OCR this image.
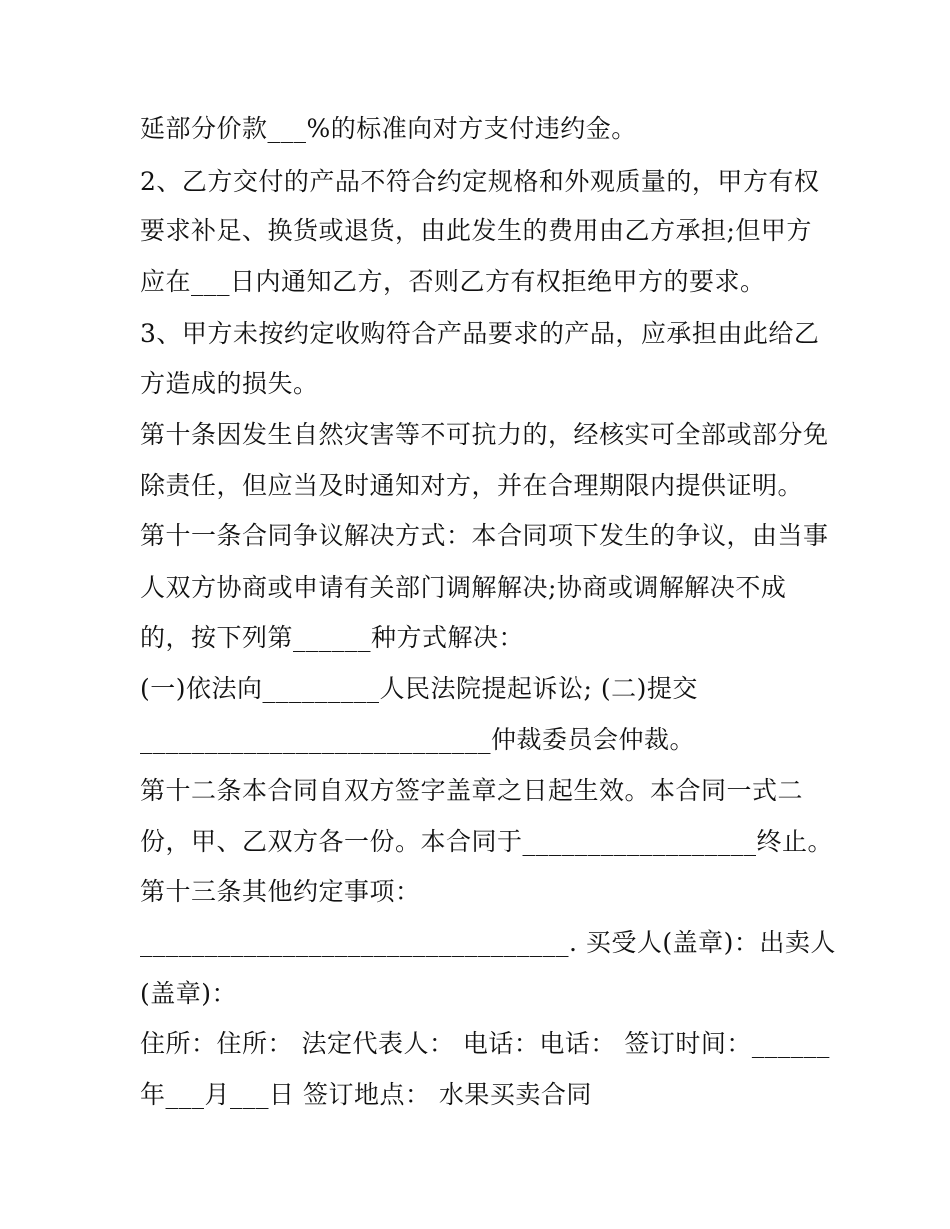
延部分价款___%的标准向对方支付违约金。
2、乙方交付的产品不符合约定规格和外观质量的，甲方有权
要求补足、换货或退货，由此发生的费用由乙方承担;但甲方
应在___日内通知乙方，否则乙方有权拒绝甲方的要求。
3、甲方未按约定收购符合产品要求的产品，应承担由此给乙
方造成的损失。
第十条因发生自然灾害等不可抗力的，经核实可全部或部分免
除责任，但应当及时通知对方，并在合理期限内提供证明。
第十一条合同争议解决方式：本合同项下发生的争议，由当事
人双方协商或申请有关部门调解解决;协商或调解解决不成
的，按下列第______种方式解决：
(一)依法向_________人民法院提起诉讼; (二)提交
___________________________仲裁委员会仲裁。
第十二条本合同自双方签字盖章之日起生效。本合同一式二
份，甲、乙双方各一份。本合同于__________________终止。
第十三条其他约定事项：
_________________________________. 买受人(盖章)：出卖人
(盖章)：
住所：住所： 法定代表人： 电话：电话： 签订时间：______
年___月___日 签订地点： 水果买卖合同
